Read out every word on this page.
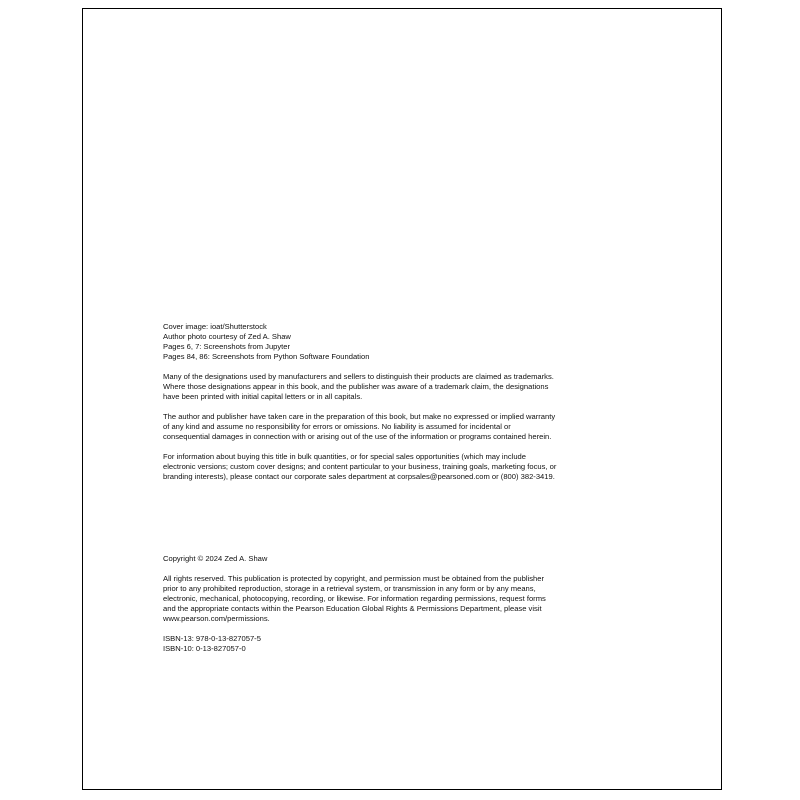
Cover image: ioat/Shutterstock
Author photo courtesy of Zed A. Shaw
Pages 6, 7: Screenshots from Jupyter
Pages 84, 86: Screenshots from Python Software Foundation
Many of the designations used by manufacturers and sellers to distinguish their products are claimed as trademarks.
Where those designations appear in this book, and the publisher was aware of a trademark claim, the designations
have been printed with initial capital letters or in all capitals.
The author and publisher have taken care in the preparation of this book, but make no expressed or implied warranty
of any kind and assume no responsibility for errors or omissions. No liability is assumed for incidental or
consequential damages in connection with or arising out of the use of the information or programs contained herein.
For information about buying this title in bulk quantities, or for special sales opportunities (which may include
electronic versions; custom cover designs; and content particular to your business, training goals, marketing focus, or
branding interests), please contact our corporate sales department at corpsales@pearsoned.com or (800) 382-3419.
Copyright © 2024 Zed A. Shaw
All rights reserved. This publication is protected by copyright, and permission must be obtained from the publisher
prior to any prohibited reproduction, storage in a retrieval system, or transmission in any form or by any means,
electronic, mechanical, photocopying, recording, or likewise. For information regarding permissions, request forms
and the appropriate contacts within the Pearson Education Global Rights & Permissions Department, please visit
www.pearson.com/permissions.
ISBN-13: 978-0-13-827057-5
ISBN-10: 0-13-827057-0
